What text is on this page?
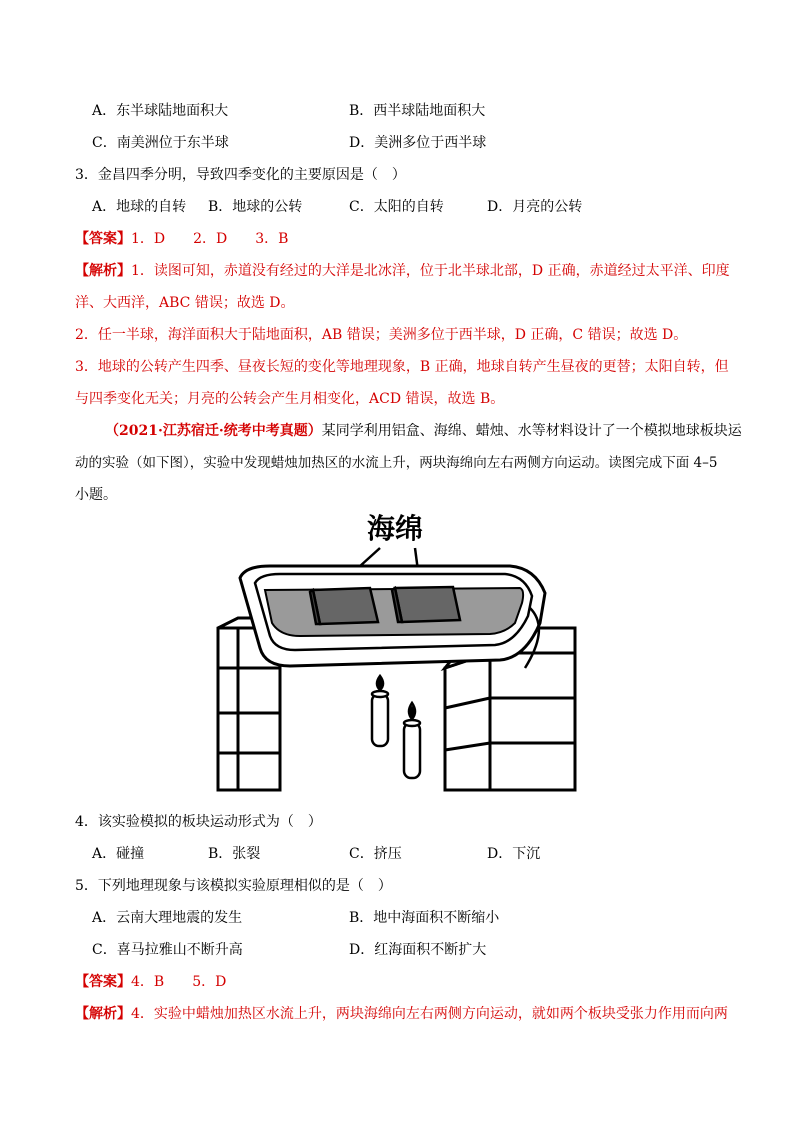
A．东半球陆地面积大	B．西半球陆地面积大
C．南美洲位于东半球	D．美洲多位于西半球
3．金昌四季分明，导致四季变化的主要原因是（　）
A．地球的自转 B．地球的公转	C．太阳的自转	D．月亮的公转
【答案】1．D　　2．D　　3．B
【解析】1．读图可知，赤道没有经过的大洋是北冰洋，位于北半球北部，D 正确，赤道经过太平洋、印度
洋、大西洋，ABC 错误；故选 D。
2．任一半球，海洋面积大于陆地面积，AB 错误；美洲多位于西半球，D 正确，C 错误；故选 D。
3．地球的公转产生四季、昼夜长短的变化等地理现象，B 正确，地球自转产生昼夜的更替；太阳自转，但
与四季变化无关；月亮的公转会产生月相变化，ACD 错误，故选 B。
（2021·江苏宿迁·统考中考真题）某同学利用铝盒、海绵、蜡烛、水等材料设计了一个模拟地球板块运
动的实验（如下图），实验中发现蜡烛加热区的水流上升，两块海绵向左右两侧方向运动。读图完成下面 4–5
小题。
海绵
4．该实验模拟的板块运动形式为（　）
A．碰撞	B．张裂	C．挤压	D．下沉
5．下列地理现象与该模拟实验原理相似的是（　）
A．云南大理地震的发生	B．地中海面积不断缩小
C．喜马拉雅山不断升高	D．红海面积不断扩大
【答案】4．B　　5．D
【解析】4．实验中蜡烛加热区水流上升，两块海绵向左右两侧方向运动，就如两个板块受张力作用而向两
